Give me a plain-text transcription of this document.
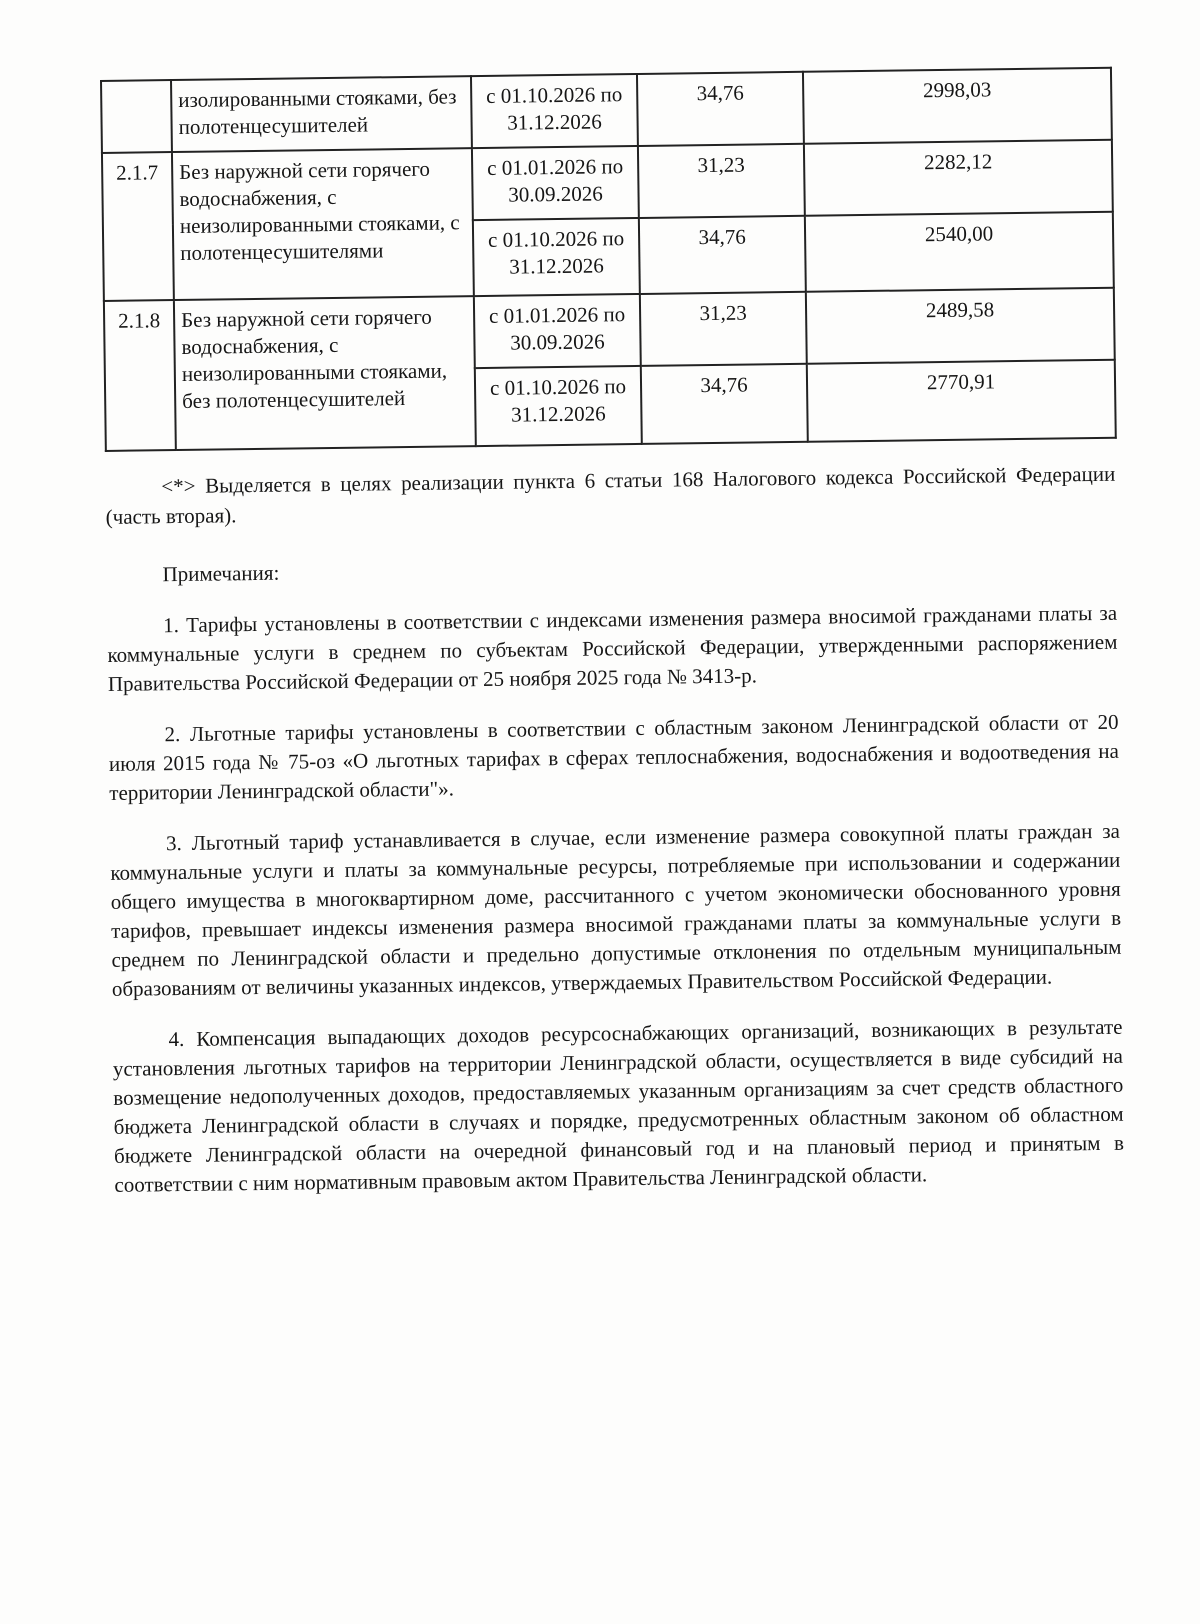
	изолированными стояками, без полотенцесушителей	с 01.10.2026 по 31.12.2026	34,76	2998,03
2.1.7	Без наружной сети горячего водоснабжения, с неизолированными стояками, с полотенцесушителями	с 01.01.2026 по 30.09.2026	31,23	2282,12
		с 01.10.2026 по 31.12.2026	34,76	2540,00
2.1.8	Без наружной сети горячего водоснабжения, с неизолированными стояками, без полотенцесушителей	с 01.01.2026 по 30.09.2026	31,23	2489,58
		с 01.10.2026 по 31.12.2026	34,76	2770,91

<*> Выделяется в целях реализации пункта 6 статьи 168 Налогового кодекса Российской Федерации (часть вторая).

Примечания:

1. Тарифы установлены в соответствии с индексами изменения размера вносимой гражданами платы за коммунальные услуги в среднем по субъектам Российской Федерации, утвержденными распоряжением Правительства Российской Федерации от 25 ноября 2025 года № 3413-р.

2. Льготные тарифы установлены в соответствии с областным законом Ленинградской области от 20 июля 2015 года № 75-оз «О льготных тарифах в сферах теплоснабжения, водоснабжения и водоотведения на территории Ленинградской области"».

3. Льготный тариф устанавливается в случае, если изменение размера совокупной платы граждан за коммунальные услуги и платы за коммунальные ресурсы, потребляемые при использовании и содержании общего имущества в многоквартирном доме, рассчитанного с учетом экономически обоснованного уровня тарифов, превышает индексы изменения размера вносимой гражданами платы за коммунальные услуги в среднем по Ленинградской области и предельно допустимые отклонения по отдельным муниципальным образованиям от величины указанных индексов, утверждаемых Правительством Российской Федерации.

4. Компенсация выпадающих доходов ресурсоснабжающих организаций, возникающих в результате установления льготных тарифов на территории Ленинградской области, осуществляется в виде субсидий на возмещение недополученных доходов, предоставляемых указанным организациям за счет средств областного бюджета Ленинградской области в случаях и порядке, предусмотренных областным законом об областном бюджете Ленинградской области на очередной финансовый год и на плановый период и принятым в соответствии с ним нормативным правовым актом Правительства Ленинградской области.
